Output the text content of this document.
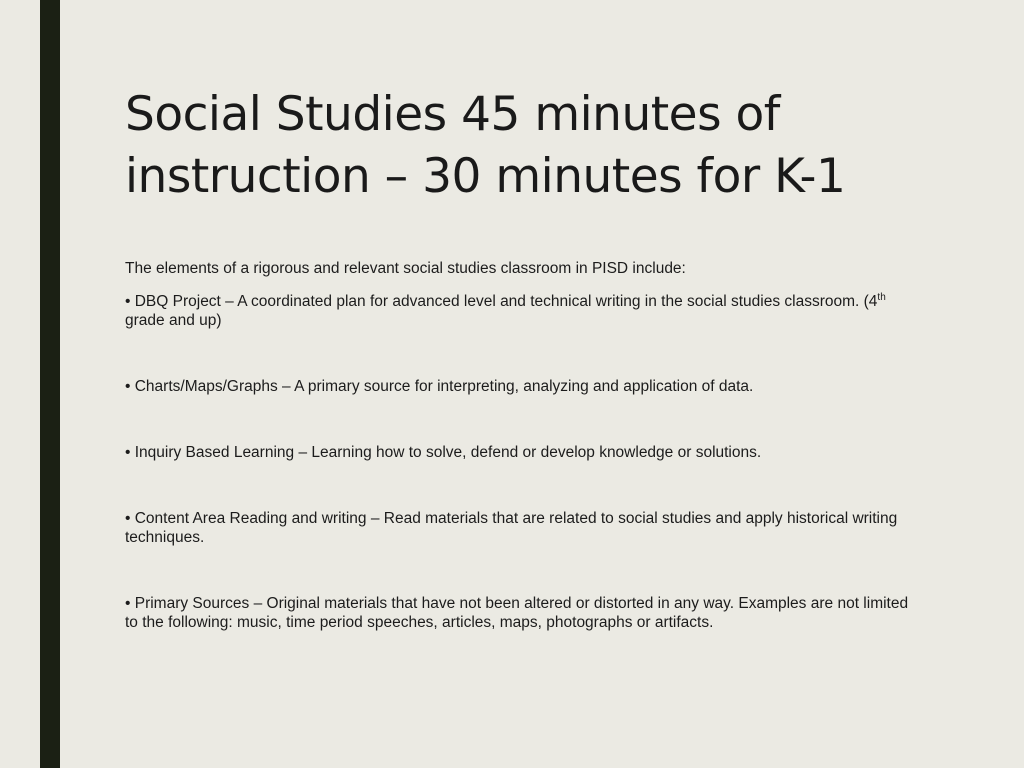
Social Studies 45 minutes of
instruction – 30 minutes for K-1

The elements of a rigorous and relevant social studies classroom in PISD include:

• DBQ Project – A coordinated plan for advanced level and technical writing in the social studies classroom. (4th grade and up)

• Charts/Maps/Graphs – A primary source for interpreting, analyzing and application of data.

• Inquiry Based Learning – Learning how to solve, defend or develop knowledge or solutions.

• Content Area Reading and writing – Read materials that are related to social studies and apply historical writing techniques.

• Primary Sources – Original materials that have not been altered or distorted in any way. Examples are not limited to the following: music, time period speeches, articles, maps, photographs or artifacts.
